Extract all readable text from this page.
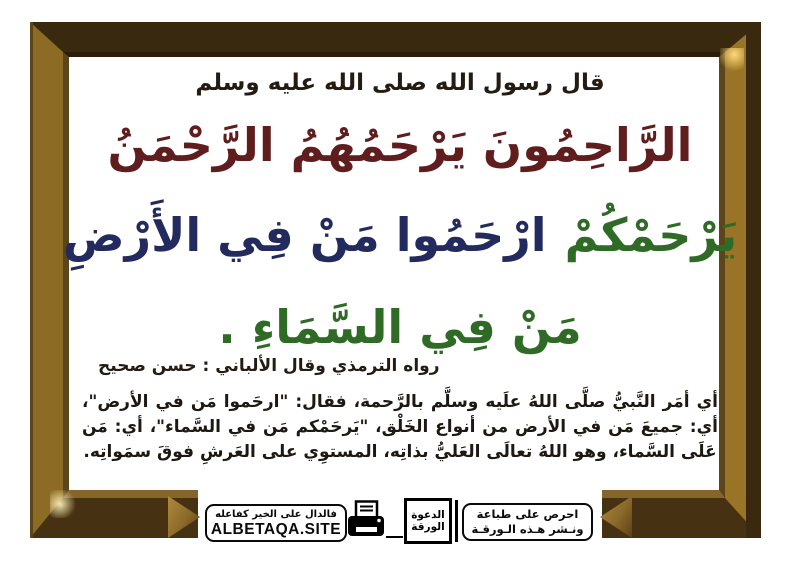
قال رسول الله صلى الله عليه وسلم
الرَّاحِمُونَ يَرْحَمُهُمُ الرَّحْمَنُ
ارْحَمُوا مَنْ فِي الأَرْضِ يَرْحَمْكُمْ
مَنْ فِي السَّمَاءِ .
رواه الترمذي وقال الألباني : حسن صحيح
أي أمَر النَّبيُّ صلَّى اللهُ علَيه وسلَّم بالرَّحمة، فقال: "ارحَموا مَن في الأرض"، أي: جميعَ مَن في الأرض من أنواع الخَلْق، "يَرحَمْكم مَن في السَّماء"، أي: مَن عَلَى السَّماء، وهو اللهُ تعالَى العَليُّ بذاتِه، المستوِي على العَرشِ فوقَ سمَواتِه.
احرص على طباعة
ونـشر هـذه الـورقـة
الدعوة
الورقة
فالدال على الخير كفاعله
ALBETAQA.SITE
